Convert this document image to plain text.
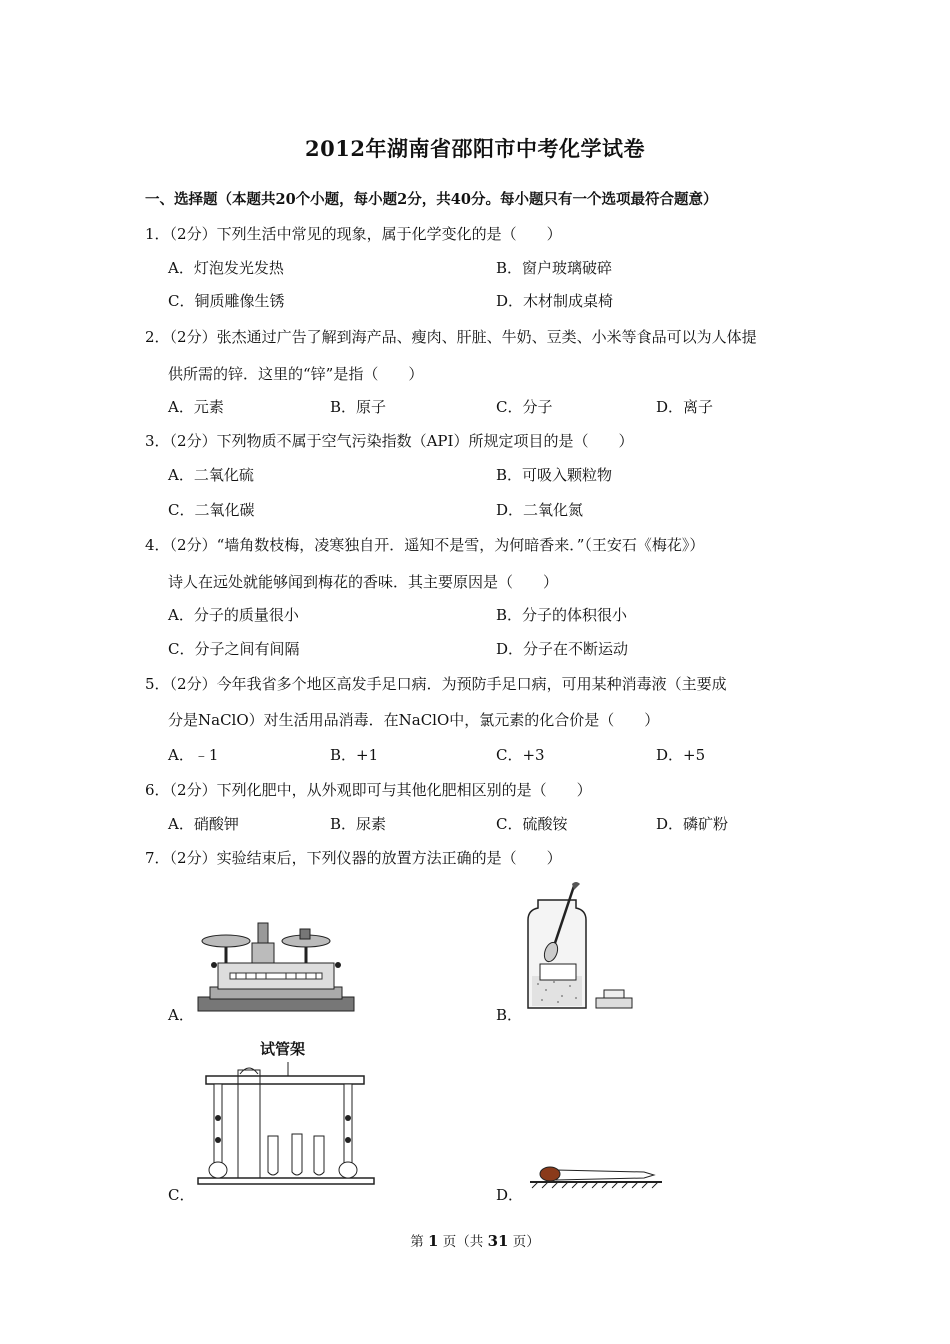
2012年湖南省邵阳市中考化学试卷
一、选择题（本题共20个小题，每小题2分，共40分。每小题只有一个选项最符合题意）
1．（2分）下列生活中常见的现象，属于化学变化的是（　　）
A．灯泡发光发热	B．窗户玻璃破碎
C．铜质雕像生锈	D．木材制成桌椅
2．（2分）张杰通过广告了解到海产品、瘦肉、肝脏、牛奶、豆类、小米等食品可以为人体提
供所需的锌．这里的“锌”是指（　　）
A．元素	B．原子	C．分子	D．离子
3．（2分）下列物质不属于空气污染指数（API）所规定项目的是（　　）
A．二氧化硫	B．可吸入颗粒物
C．二氧化碳	D．二氧化氮
4．（2分）“墙角数枝梅，凌寒独自开．遥知不是雪，为何暗香来．”（王安石《梅花》）
诗人在远处就能够闻到梅花的香味．其主要原因是（　　）
A．分子的质量很小	B．分子的体积很小
C．分子之间有间隔	D．分子在不断运动
5．（2分）今年我省多个地区高发手足口病．为预防手足口病，可用某种消毒液（主要成
分是NaClO）对生活用品消毒．在NaClO中，氯元素的化合价是（　　）
A．﹣1	B．+1	C．+3	D．+5
6．（2分）下列化肥中，从外观即可与其他化肥相区别的是（　　）
A．硝酸钾	B．尿素	C．硫酸铵	D．磷矿粉
7．（2分）实验结束后，下列仪器的放置方法正确的是（　　）
A．	B．
试管架
C．	D．
第 1 页（共 31 页）
